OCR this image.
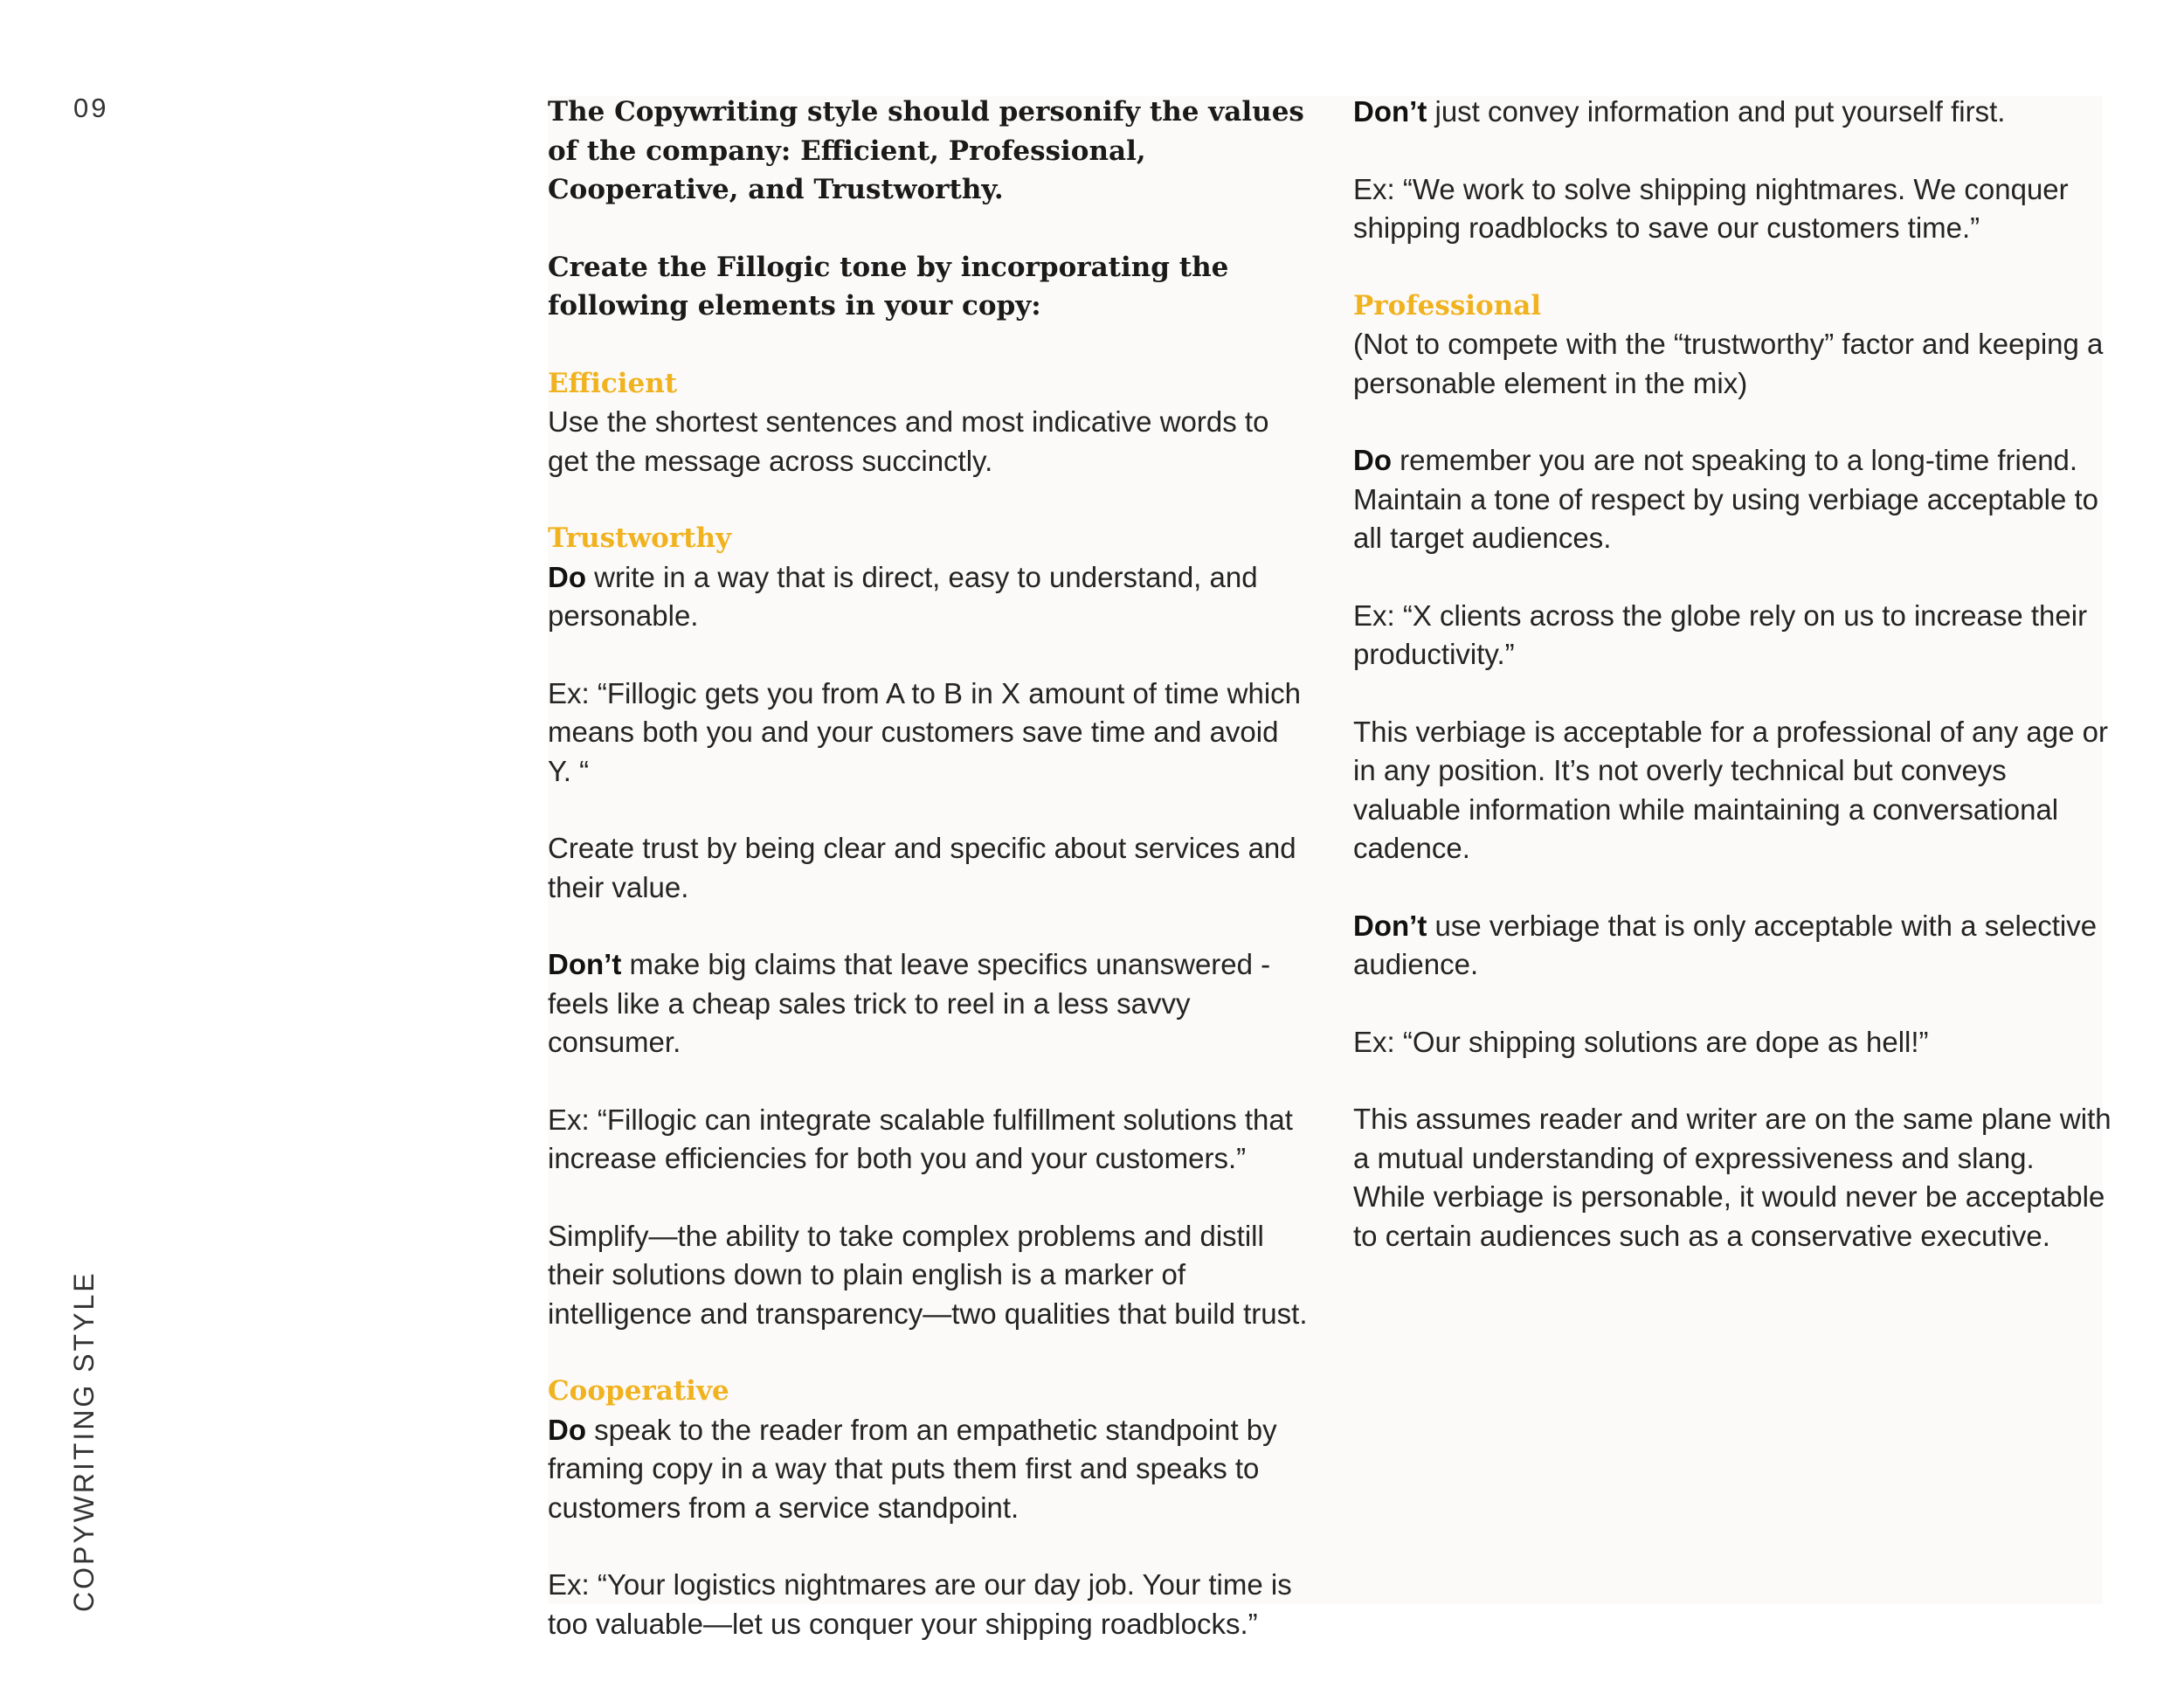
09
COPYWRITING STYLE

The Copywriting style should personify the values of the company: Efficient, Professional, Cooperative, and Trustworthy.

Create the Fillogic tone by incorporating the following elements in your copy:

Efficient
Use the shortest sentences and most indicative words to get the message across succinctly.

Trustworthy
Do write in a way that is direct, easy to understand, and personable.

Ex: “Fillogic gets you from A to B in X amount of time which means both you and your customers save time and avoid Y. “

Create trust by being clear and specific about services and their value.

Don’t make big claims that leave specifics unanswered - feels like a cheap sales trick to reel in a less savvy consumer.

Ex: “Fillogic can integrate scalable fulfillment solutions that increase efficiencies for both you and your customers.”

Simplify—the ability to take complex problems and distill their solutions down to plain english is a marker of intelligence and transparency—two qualities that build trust.

Cooperative
Do speak to the reader from an empathetic standpoint by framing copy in a way that puts them first and speaks to customers from a service standpoint.

Ex: “Your logistics nightmares are our day job. Your time is too valuable—let us conquer your shipping roadblocks.”

Don’t just convey information and put yourself first.

Ex: “We work to solve shipping nightmares. We conquer shipping roadblocks to save our customers time.”

Professional
(Not to compete with the “trustworthy” factor and keeping a personable element in the mix)

Do remember you are not speaking to a long-time friend. Maintain a tone of respect by using verbiage acceptable to all target audiences.

Ex: “X clients across the globe rely on us to increase their productivity.”

This verbiage is acceptable for a professional of any age or in any position. It’s not overly technical but conveys valuable information while maintaining a conversational cadence.

Don’t use verbiage that is only acceptable with a selective audience.

Ex: “Our shipping solutions are dope as hell!”

This assumes reader and writer are on the same plane with a mutual understanding of expressiveness and slang. While verbiage is personable, it would never be acceptable to certain audiences such as a conservative executive.
